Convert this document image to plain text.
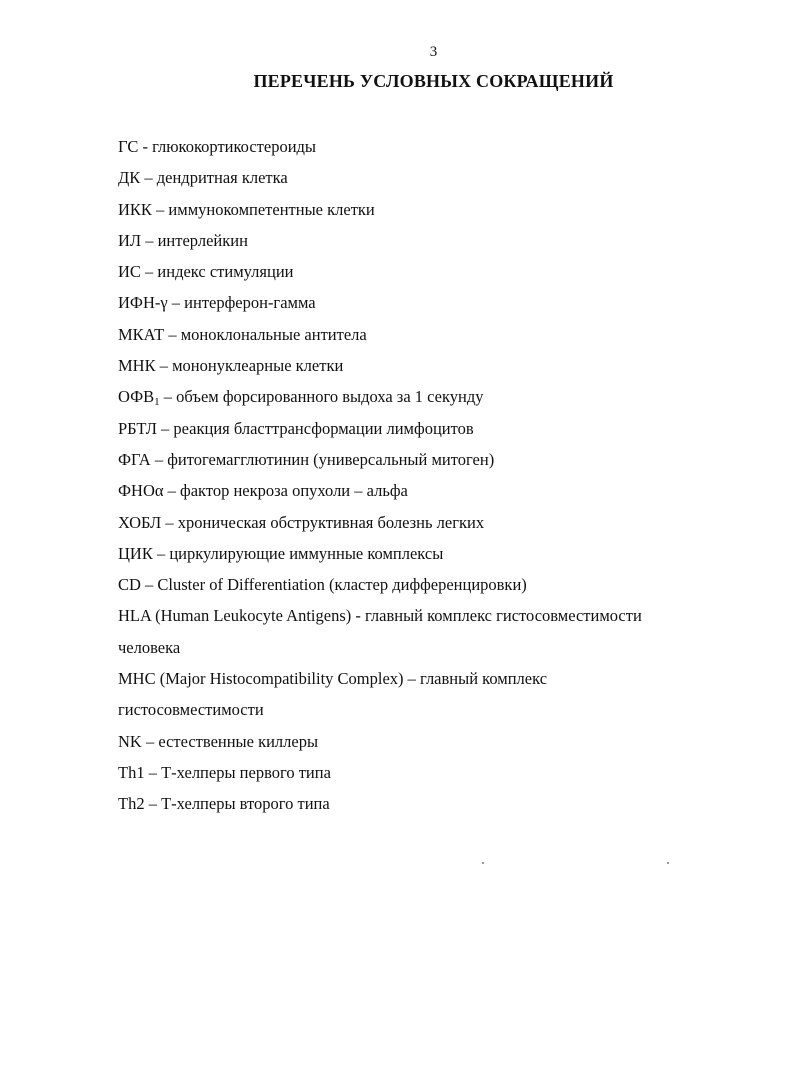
3
ПЕРЕЧЕНЬ УСЛОВНЫХ СОКРАЩЕНИЙ
ГС - глюкокортикостероиды
ДК – дендритная клетка
ИКК – иммунокомпетентные клетки
ИЛ – интерлейкин
ИС – индекс стимуляции
ИФН-γ – интерферон-гамма
МКАТ – моноклональные антитела
МНК – мононуклеарные клетки
$ОФВ_1$ – объем форсированного выдоха за 1 секунду
РБТЛ – реакция бласттрансформации лимфоцитов
ФГА – фитогемагглютинин (универсальный митоген)
ФНОα – фактор некроза опухоли – альфа
ХОБЛ – хроническая обструктивная болезнь легких
ЦИК – циркулирующие иммунные комплексы
CD – Cluster of Differentiation (кластер дифференцировки)
HLA (Human Leukocyte Antigens) - главный комплекс гистосовместимости
человека
MHC (Major Histocompatibility Complex) – главный комплекс
гистосовместимости
NK – естественные киллеры
Th1 – Т-хелперы первого типа
Th2 – Т-хелперы второго типа
